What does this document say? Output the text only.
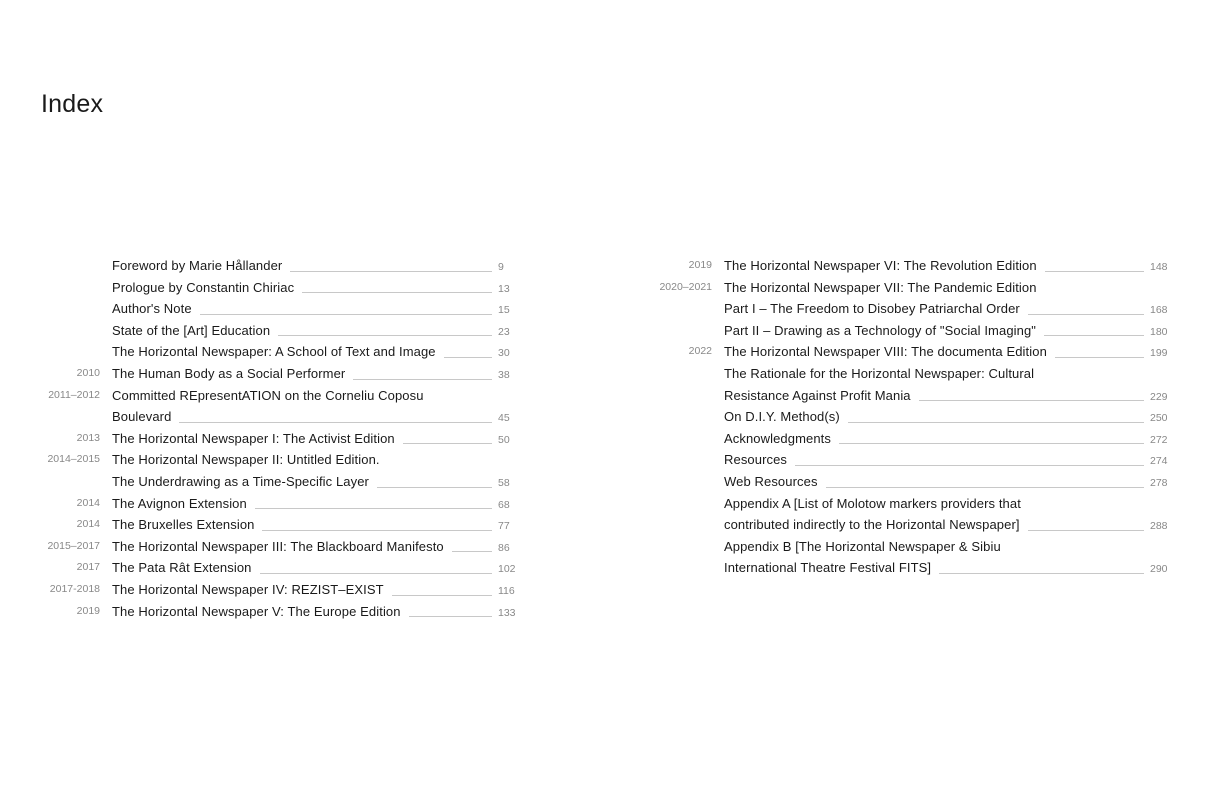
Index
Foreword by Marie Hållander	9
Prologue by Constantin Chiriac	13
Author's Note	15
State of the [Art] Education	23
The Horizontal Newspaper: A School of Text and Image	30
2010 The Human Body as a Social Performer	38
2011–2012 Committed REpresentATION on the Corneliu Coposu
Boulevard	45
2013 The Horizontal Newspaper I: The Activist Edition	50
2014–2015 The Horizontal Newspaper II: Untitled Edition.
The Underdrawing as a Time-Specific Layer	58
2014 The Avignon Extension	68
2014 The Bruxelles Extension	77
2015–2017 The Horizontal Newspaper III: The Blackboard Manifesto	86
2017 The Pata Rât Extension	102
2017-2018 The Horizontal Newspaper IV: REZIST–EXIST	116
2019 The Horizontal Newspaper V: The Europe Edition	133
2019 The Horizontal Newspaper VI: The Revolution Edition	148
2020–2021 The Horizontal Newspaper VII: The Pandemic Edition
Part I – The Freedom to Disobey Patriarchal Order	168
Part II – Drawing as a Technology of "Social Imaging"	180
2022 The Horizontal Newspaper VIII: The documenta Edition	199
The Rationale for the Horizontal Newspaper: Cultural
Resistance Against Profit Mania	229
On D.I.Y. Method(s)	250
Acknowledgments	272
Resources	274
Web Resources	278
Appendix A [List of Molotow markers providers that
contributed indirectly to the Horizontal Newspaper]	288
Appendix B [The Horizontal Newspaper & Sibiu
International Theatre Festival FITS]	290
